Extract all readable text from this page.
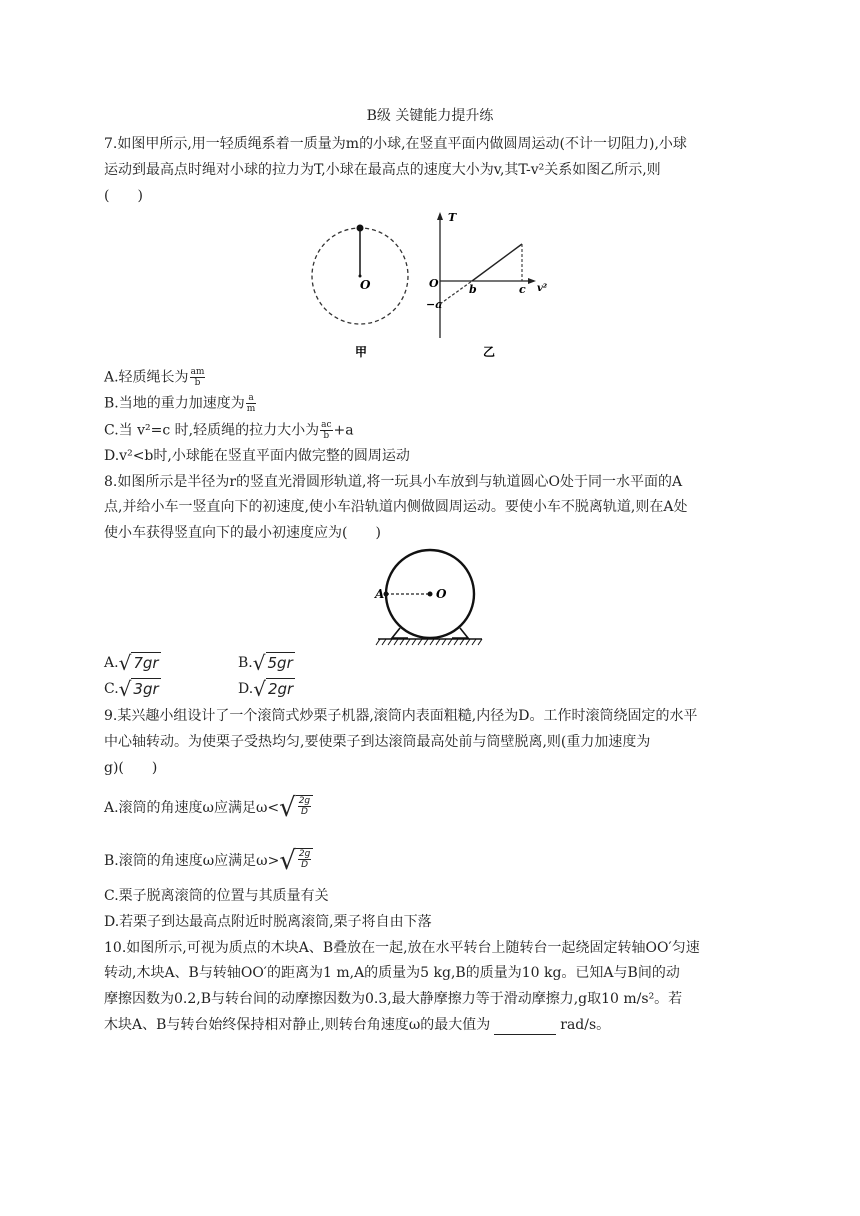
B级 关键能力提升练
7.如图甲所示,用一轻质绳系着一质量为m的小球,在竖直平面内做圆周运动(不计一切阻力),小球
运动到最高点时绳对小球的拉力为T,小球在最高点的速度大小为v,其T-v²关系如图乙所示,则
(　　)
O
甲
T
v²
O
−a
b	c
乙
A.轻质绳长为 $\frac{am}{b}$
B.当地的重力加速度为 $\frac{a}{m}$
C.当 v²=c 时,轻质绳的拉力大小为 $\frac{ac}{b} +a$
D.v²<b时,小球能在竖直平面内做完整的圆周运动
8.如图所示是半径为r的竖直光滑圆形轨道,将一玩具小车放到与轨道圆心O处于同一水平面的A
点,并给小车一竖直向下的初速度,使小车沿轨道内侧做圆周运动。要使小车不脱离轨道,则在A处
使小车获得竖直向下的最小初速度应为(　　)
A	O
A. √ 7gr	B. √ 5gr
C. √ 3gr	D. √ 2gr
9.某兴趣小组设计了一个滚筒式炒栗子机器,滚筒内表面粗糙,内径为D。工作时滚筒绕固定的水平
中心轴转动。为使栗子受热均匀,要使栗子到达滚筒最高处前与筒壁脱离,则(重力加速度为
g)(　　)
A.滚筒的角速度ω应满足ω< √ $\frac{2g}{D}$
B.滚筒的角速度ω应满足ω> √ $\frac{2g}{D}$
C.栗子脱离滚筒的位置与其质量有关
D.若栗子到达最高点附近时脱离滚筒,栗子将自由下落
10.如图所示,可视为质点的木块A、B叠放在一起,放在水平转台上随转台一起绕固定转轴OO′匀速
转动,木块A、B与转轴OO′的距离为1 m,A的质量为5 kg,B的质量为10 kg。已知A与B间的动
摩擦因数为0.2,B与转台间的动摩擦因数为0.3,最大静摩擦力等于滑动摩擦力,g取10 m/s²。若
木块A、B与转台始终保持相对静止,则转台角速度ω的最大值为	rad/s。
